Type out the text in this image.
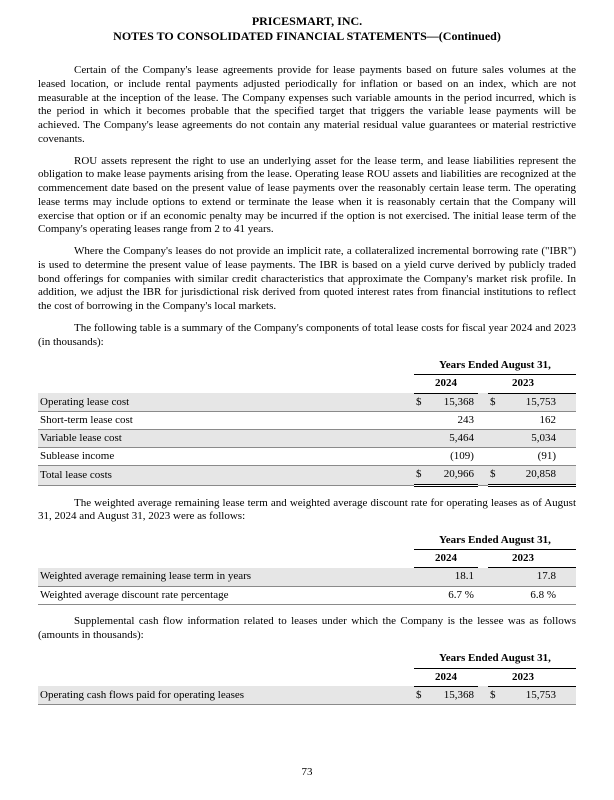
PRICESMART, INC.
NOTES TO CONSOLIDATED FINANCIAL STATEMENTS—(Continued)

Certain of the Company's lease agreements provide for lease payments based on future sales volumes at the leased location, or include rental payments adjusted periodically for inflation or based on an index, which are not measurable at the inception of the lease. The Company expenses such variable amounts in the period incurred, which is the period in which it becomes probable that the specified target that triggers the variable lease payments will be achieved. The Company's lease agreements do not contain any material residual value guarantees or material restrictive covenants.

ROU assets represent the right to use an underlying asset for the lease term, and lease liabilities represent the obligation to make lease payments arising from the lease. Operating lease ROU assets and liabilities are recognized at the commencement date based on the present value of lease payments over the reasonably certain lease term. The operating lease terms may include options to extend or terminate the lease when it is reasonably certain that the Company will exercise that option or if an economic penalty may be incurred if the option is not exercised. The initial lease term of the Company's operating leases range from 2 to 41 years.

Where the Company's leases do not provide an implicit rate, a collateralized incremental borrowing rate ("IBR") is used to determine the present value of lease payments. The IBR is based on a yield curve derived by publicly traded bond offerings for companies with similar credit characteristics that approximate the Company's market risk profile. In addition, we adjust the IBR for jurisdictional risk derived from quoted interest rates from financial institutions to reflect the cost of borrowing in the Company's local markets.

The following table is a summary of the Company's components of total lease costs for fiscal year 2024 and 2023 (in thousands):

	Years Ended August 31,				
	2024			2023	
Operating lease cost	$	15,368		$	15,753
Short-term lease cost		243			162
Variable lease cost		5,464			5,034
Sublease income		(109)			(91)
Total lease costs	$	20,966		$	20,858

The weighted average remaining lease term and weighted average discount rate for operating leases as of August 31, 2024 and August 31, 2023 were as follows:

	Years Ended August 31,				
	2024			2023	
Weighted average remaining lease term in years		18.1			17.8
Weighted average discount rate percentage		6.7 %			6.8 %

Supplemental cash flow information related to leases under which the Company is the lessee was as follows (amounts in thousands):

	Years Ended August 31,				
	2024			2023	
Operating cash flows paid for operating leases	$	15,368		$	15,753
73
